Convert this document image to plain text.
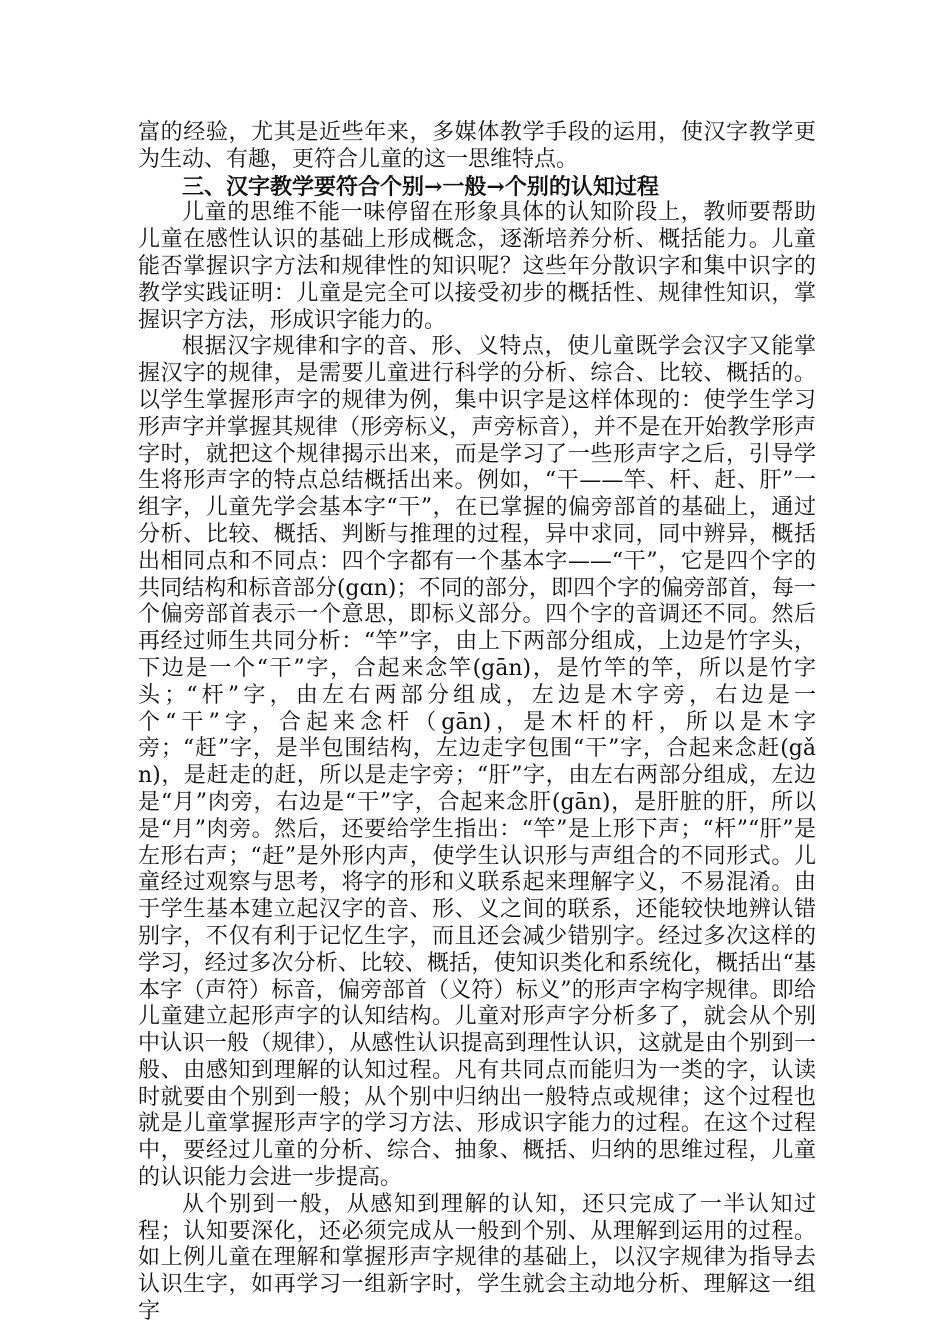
富的经验，尤其是近些年来，多媒体教学手段的运用，使汉字教学更为生动、有趣，更符合儿童的这一思维特点。

三、汉字教学要符合个别→一般→个别的认知过程

儿童的思维不能一味停留在形象具体的认知阶段上，教师要帮助儿童在感性认识的基础上形成概念，逐渐培养分析、概括能力。儿童能否掌握识字方法和规律性的知识呢？这些年分散识字和集中识字的教学实践证明：儿童是完全可以接受初步的概括性、规律性知识，掌握识字方法，形成识字能力的。

根据汉字规律和字的音、形、义特点，使儿童既学会汉字又能掌握汉字的规律，是需要儿童进行科学的分析、综合、比较、概括的。以学生掌握形声字的规律为例，集中识字是这样体现的：使学生学习形声字并掌握其规律（形旁标义，声旁标音），并不是在开始教学形声字时，就把这个规律揭示出来，而是学习了一些形声字之后，引导学生将形声字的特点总结概括出来。例如，“干——竿、杆、赶、肝”一组字，儿童先学会基本字“干”，在已掌握的偏旁部首的基础上，通过分析、比较、概括、判断与推理的过程，异中求同，同中辨异，概括出相同点和不同点：四个字都有一个基本字——“干”，它是四个字的共同结构和标音部分(gɑn)；不同的部分，即四个字的偏旁部首，每一个偏旁部首表示一个意思，即标义部分。四个字的音调还不同。然后再经过师生共同分析：“竿”字，由上下两部分组成，上边是竹字头，下边是一个“干”字，合起来念竿(gān)，是竹竿的竿，所以是竹字头；“杆”字，由左右两部分组成，左边是木字旁，右边是一个“干”字，合起来念杆（gān)，是木杆的杆，所以是木字旁；“赶”字，是半包围结构，左边走字包围“干”字，合起来念赶(gǎn)，是赶走的赶，所以是走字旁；“肝”字，由左右两部分组成，左边是“月”肉旁，右边是“干”字，合起来念肝(gān)，是肝脏的肝，所以是“月”肉旁。然后，还要给学生指出：“竿”是上形下声；“杆”“肝”是左形右声；“赶”是外形内声，使学生认识形与声组合的不同形式。儿童经过观察与思考，将字的形和义联系起来理解字义，不易混淆。由于学生基本建立起汉字的音、形、义之间的联系，还能较快地辨认错别字，不仅有利于记忆生字，而且还会减少错别字。经过多次这样的学习，经过多次分析、比较、概括，使知识类化和系统化，概括出“基本字（声符）标音，偏旁部首（义符）标义”的形声字构字规律。即给儿童建立起形声字的认知结构。儿童对形声字分析多了，就会从个别中认识一般（规律），从感性认识提高到理性认识，这就是由个别到一般、由感知到理解的认知过程。凡有共同点而能归为一类的字，认读时就要由个别到一般；从个别中归纳出一般特点或规律；这个过程也就是儿童掌握形声字的学习方法、形成识字能力的过程。在这个过程中，要经过儿童的分析、综合、抽象、概括、归纳的思维过程，儿童的认识能力会进一步提高。

从个别到一般，从感知到理解的认知，还只完成了一半认知过程；认知要深化，还必须完成从一般到个别、从理解到运用的过程。如上例儿童在理解和掌握形声字规律的基础上，以汉字规律为指导去认识生字，如再学习一组新字时，学生就会主动地分析、理解这一组字
